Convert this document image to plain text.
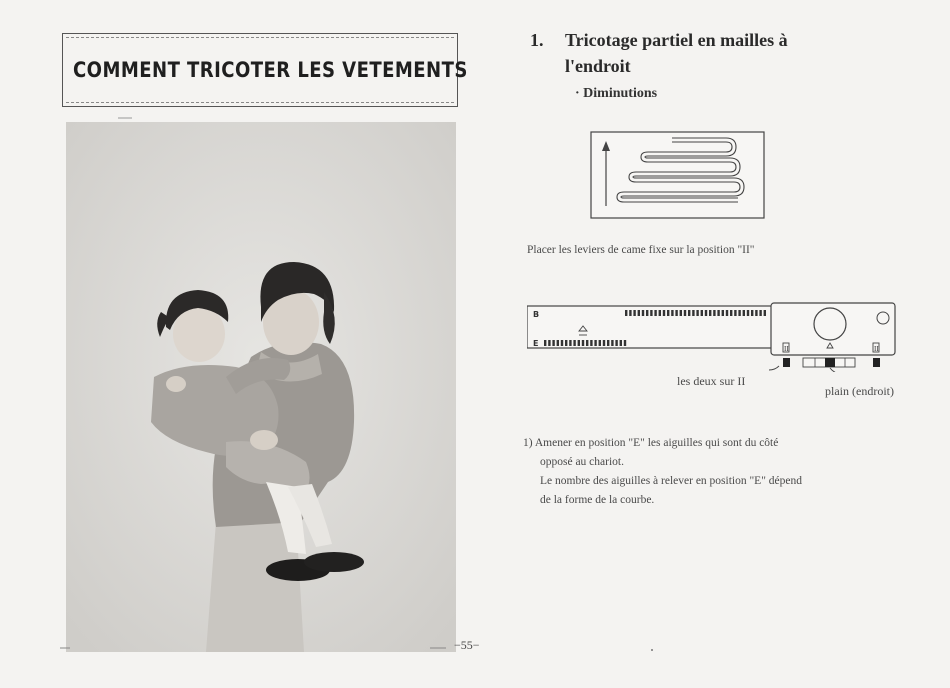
COMMENT TRICOTER LES VETEMENTS
−55−
1. Tricotage partiel en mailles à
l'endroit
· Diminutions
Placer les leviers de came fixe sur la position "II"
B
E
II	II
les deux sur II
plain (endroit)
1) Amener en position "E" les aiguilles qui sont du côté
opposé au chariot.
Le nombre des aiguilles à relever en position "E" dépend
de la forme de la courbe.
